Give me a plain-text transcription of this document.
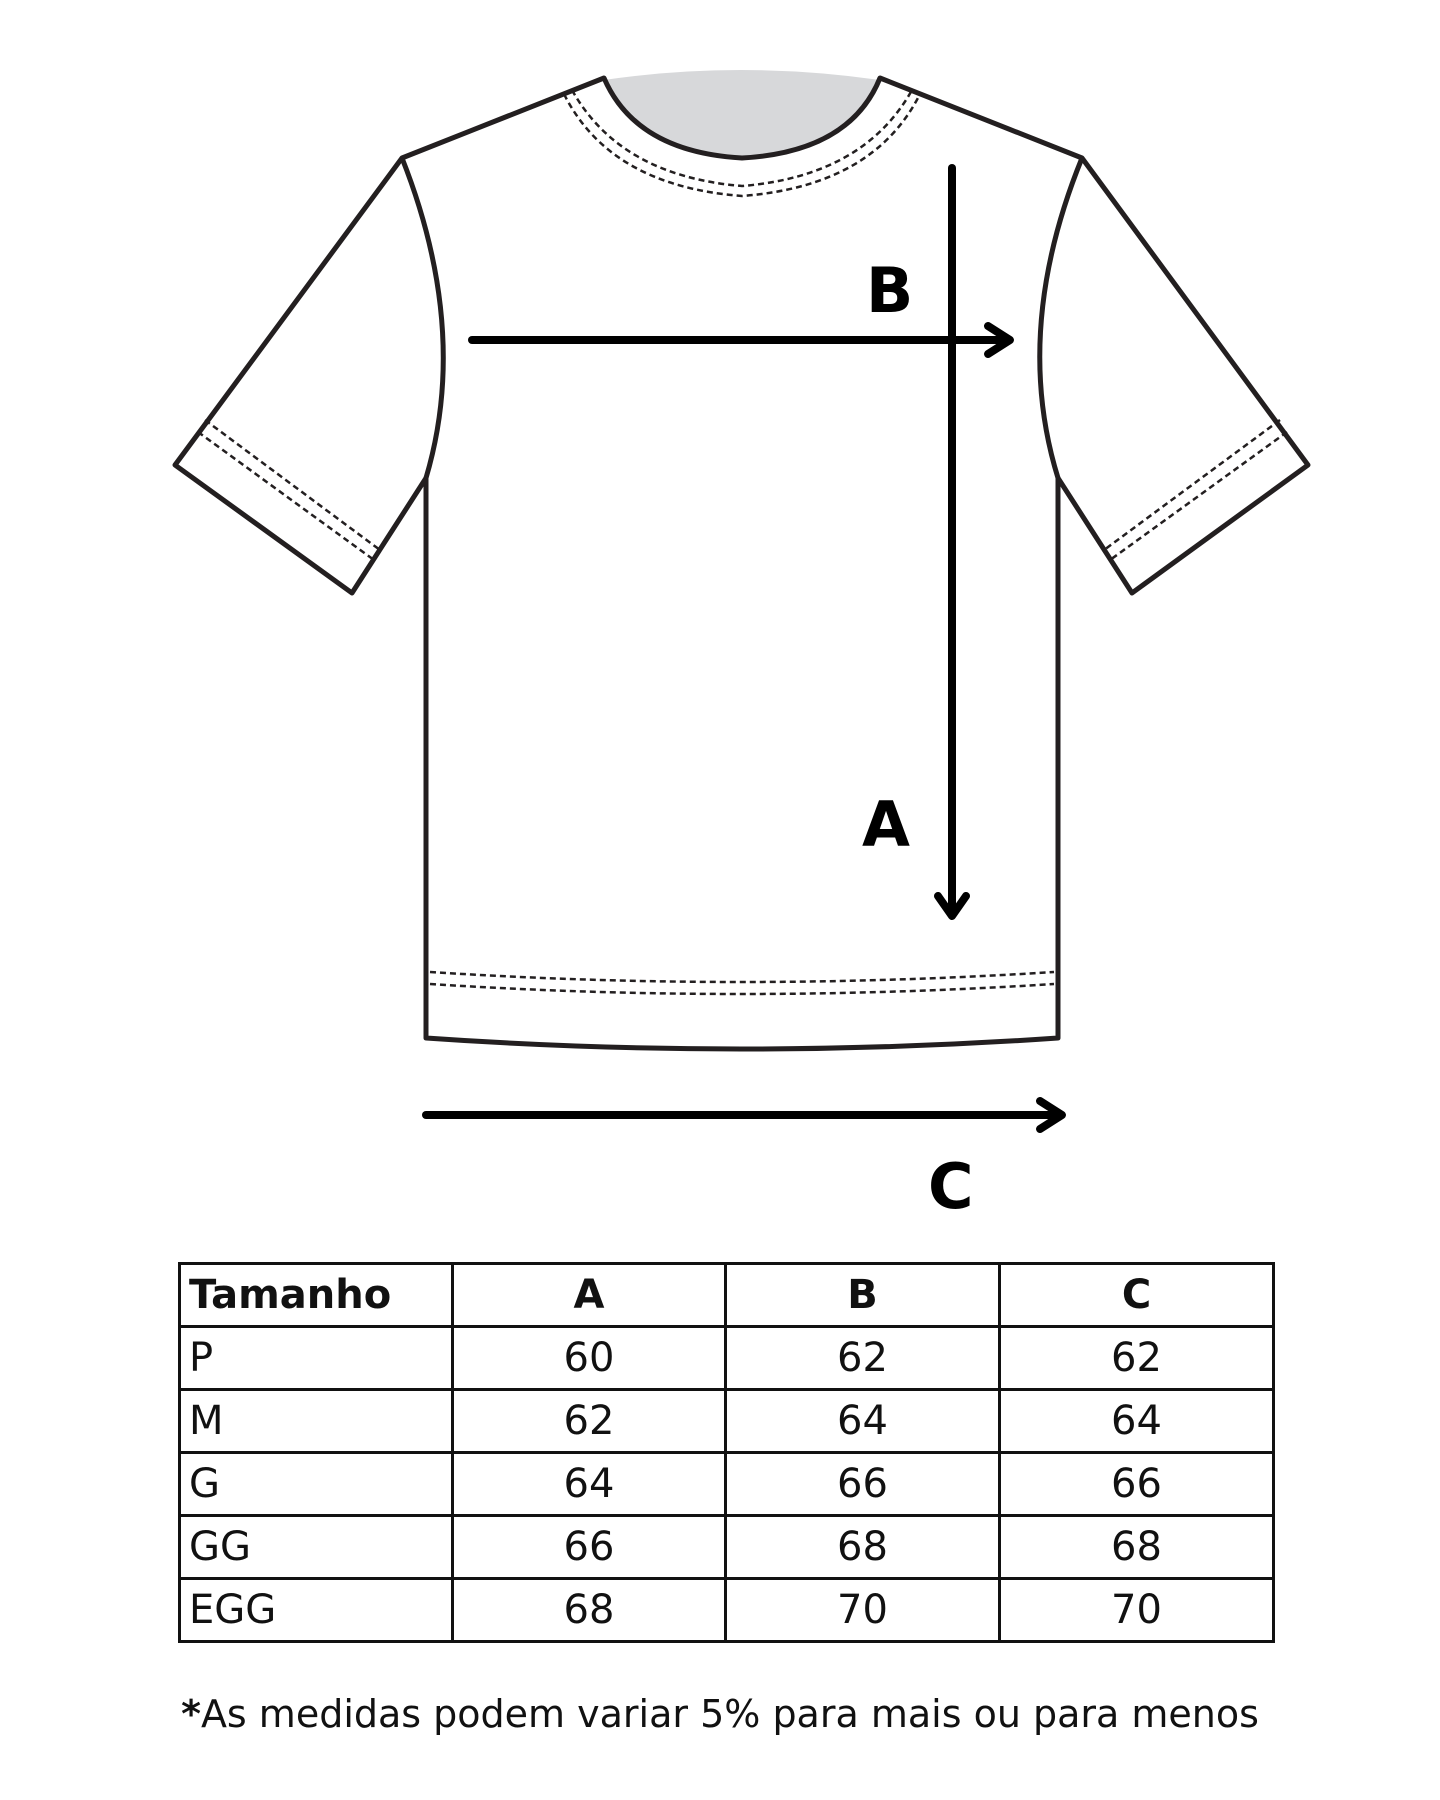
B
A
C
Tamanho	A	B	C
P	60	62	62
M	62	64	64
G	64	66	66
GG	66	68	68
EGG	68	70	70
*As medidas podem variar 5% para mais ou para menos
